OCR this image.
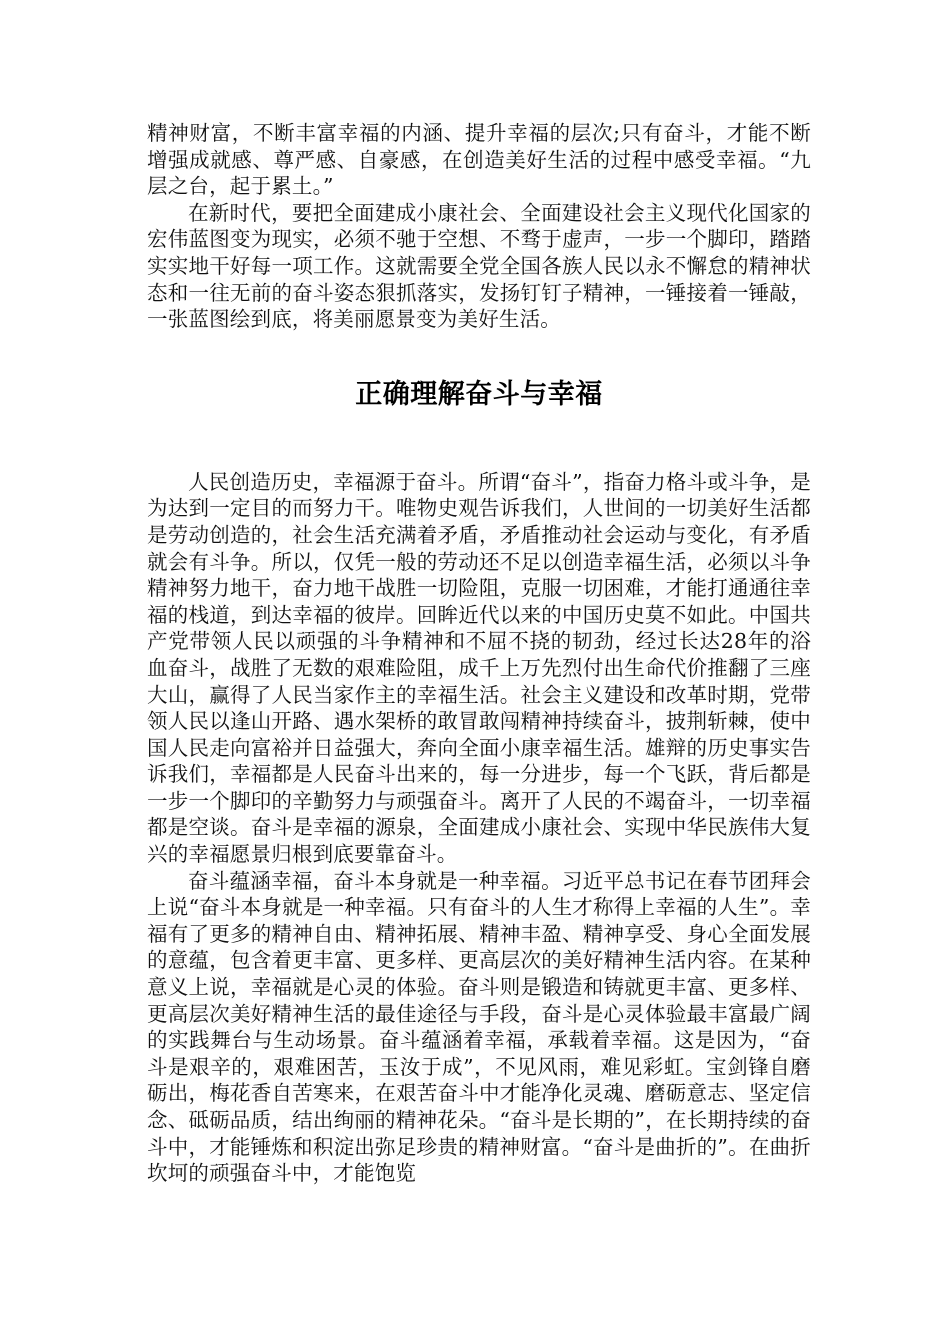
精神财富，不断丰富幸福的内涵、提升幸福的层次;只有奋斗，才能不断增强成就感、尊严感、自豪感，在创造美好生活的过程中感受幸福。“九层之台，起于累土。”

在新时代，要把全面建成小康社会、全面建设社会主义现代化国家的宏伟蓝图变为现实，必须不驰于空想、不骛于虚声，一步一个脚印，踏踏实实地干好每一项工作。这就需要全党全国各族人民以永不懈怠的精神状态和一往无前的奋斗姿态狠抓落实，发扬钉钉子精神，一锤接着一锤敲，一张蓝图绘到底，将美丽愿景变为美好生活。

正确理解奋斗与幸福

人民创造历史，幸福源于奋斗。所谓“奋斗”，指奋力格斗或斗争，是为达到一定目的而努力干。唯物史观告诉我们，人世间的一切美好生活都是劳动创造的，社会生活充满着矛盾，矛盾推动社会运动与变化，有矛盾就会有斗争。所以，仅凭一般的劳动还不足以创造幸福生活，必须以斗争精神努力地干，奋力地干战胜一切险阻，克服一切困难，才能打通通往幸福的栈道，到达幸福的彼岸。回眸近代以来的中国历史莫不如此。中国共产党带领人民以顽强的斗争精神和不屈不挠的韧劲，经过长达28年的浴血奋斗，战胜了无数的艰难险阻，成千上万先烈付出生命代价推翻了三座大山，赢得了人民当家作主的幸福生活。社会主义建设和改革时期，党带领人民以逢山开路、遇水架桥的敢冒敢闯精神持续奋斗，披荆斩棘，使中国人民走向富裕并日益强大，奔向全面小康幸福生活。雄辩的历史事实告诉我们，幸福都是人民奋斗出来的，每一分进步，每一个飞跃，背后都是一步一个脚印的辛勤努力与顽强奋斗。离开了人民的不竭奋斗，一切幸福都是空谈。奋斗是幸福的源泉，全面建成小康社会、实现中华民族伟大复兴的幸福愿景归根到底要靠奋斗。

奋斗蕴涵幸福，奋斗本身就是一种幸福。习近平总书记在春节团拜会上说“奋斗本身就是一种幸福。只有奋斗的人生才称得上幸福的人生”。幸福有了更多的精神自由、精神拓展、精神丰盈、精神享受、身心全面发展的意蕴，包含着更丰富、更多样、更高层次的美好精神生活内容。在某种意义上说，幸福就是心灵的体验。奋斗则是锻造和铸就更丰富、更多样、更高层次美好精神生活的最佳途径与手段，奋斗是心灵体验最丰富最广阔的实践舞台与生动场景。奋斗蕴涵着幸福，承载着幸福。这是因为，“奋斗是艰辛的，艰难困苦，玉汝于成”，不见风雨，难见彩虹。宝剑锋自磨砺出，梅花香自苦寒来，在艰苦奋斗中才能净化灵魂、磨砺意志、坚定信念、砥砺品质，结出绚丽的精神花朵。“奋斗是长期的”，在长期持续的奋斗中，才能锤炼和积淀出弥足珍贵的精神财富。“奋斗是曲折的”。在曲折坎坷的顽强奋斗中，才能饱览
